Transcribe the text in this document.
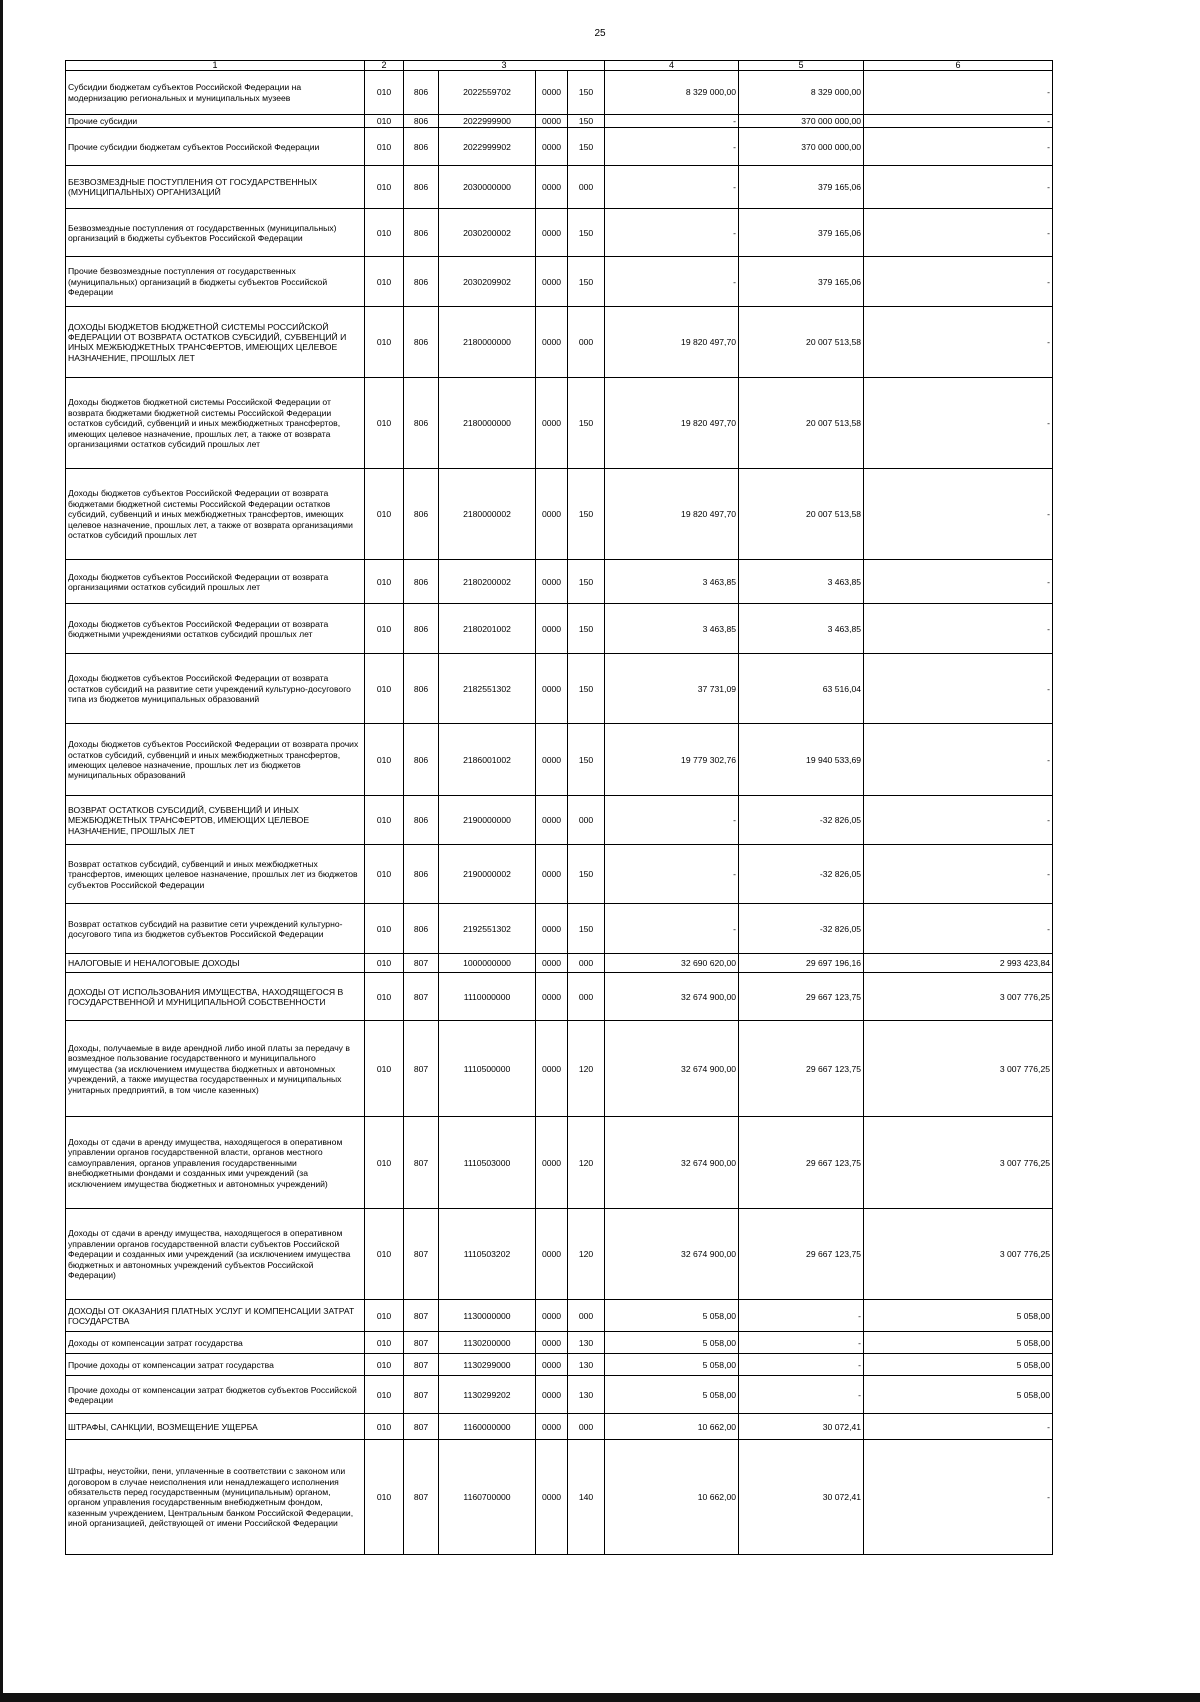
25
1	2	3				4	5	6
Субсидии бюджетам субъектов Российской Федерации на модернизацию региональных и муниципальных музеев	010	806	2022559702	0000	150	8 329 000,00	8 329 000,00	-
Прочие субсидии	010	806	2022999900	0000	150	-	370 000 000,00	-
Прочие субсидии бюджетам субъектов Российской Федерации	010	806	2022999902	0000	150	-	370 000 000,00	-
БЕЗВОЗМЕЗДНЫЕ ПОСТУПЛЕНИЯ ОТ ГОСУДАРСТВЕННЫХ (МУНИЦИПАЛЬНЫХ) ОРГАНИЗАЦИЙ	010	806	2030000000	0000	000	-	379 165,06	-
Безвозмездные поступления от государственных (муниципальных) организаций в бюджеты субъектов Российской Федерации	010	806	2030200002	0000	150	-	379 165,06	-
Прочие безвозмездные поступления от государственных (муниципальных) организаций в бюджеты субъектов Российской Федерации	010	806	2030209902	0000	150	-	379 165,06	-
ДОХОДЫ БЮДЖЕТОВ БЮДЖЕТНОЙ СИСТЕМЫ РОССИЙСКОЙ ФЕДЕРАЦИИ ОТ ВОЗВРАТА ОСТАТКОВ СУБСИДИЙ, СУБВЕНЦИЙ И ИНЫХ МЕЖБЮДЖЕТНЫХ ТРАНСФЕРТОВ, ИМЕЮЩИХ ЦЕЛЕВОЕ НАЗНАЧЕНИЕ, ПРОШЛЫХ ЛЕТ	010	806	2180000000	0000	000	19 820 497,70	20 007 513,58	-
Доходы бюджетов бюджетной системы Российской Федерации от возврата бюджетами бюджетной системы Российской Федерации остатков субсидий, субвенций и иных межбюджетных трансфертов, имеющих целевое назначение, прошлых лет, а также от возврата организациями остатков субсидий прошлых лет	010	806	2180000000	0000	150	19 820 497,70	20 007 513,58	-
Доходы бюджетов субъектов Российской Федерации от возврата бюджетами бюджетной системы Российской Федерации остатков субсидий, субвенций и иных межбюджетных трансфертов, имеющих целевое назначение, прошлых лет, а также от возврата организациями остатков субсидий прошлых лет	010	806	2180000002	0000	150	19 820 497,70	20 007 513,58	-
Доходы бюджетов субъектов Российской Федерации от возврата организациями остатков субсидий прошлых лет	010	806	2180200002	0000	150	3 463,85	3 463,85	-
Доходы бюджетов субъектов Российской Федерации от возврата бюджетными учреждениями остатков субсидий прошлых лет	010	806	2180201002	0000	150	3 463,85	3 463,85	-
Доходы бюджетов субъектов Российской Федерации от возврата остатков субсидий на развитие сети учреждений культурно-досугового типа из бюджетов муниципальных образований	010	806	2182551302	0000	150	37 731,09	63 516,04	-
Доходы бюджетов субъектов Российской Федерации от возврата прочих остатков субсидий, субвенций и иных межбюджетных трансфертов, имеющих целевое назначение, прошлых лет из бюджетов муниципальных образований	010	806	2186001002	0000	150	19 779 302,76	19 940 533,69	-
ВОЗВРАТ ОСТАТКОВ СУБСИДИЙ, СУБВЕНЦИЙ И ИНЫХ МЕЖБЮДЖЕТНЫХ ТРАНСФЕРТОВ, ИМЕЮЩИХ ЦЕЛЕВОЕ НАЗНАЧЕНИЕ, ПРОШЛЫХ ЛЕТ	010	806	2190000000	0000	000	-	-32 826,05	-
Возврат остатков субсидий, субвенций и иных межбюджетных трансфертов, имеющих целевое назначение, прошлых лет из бюджетов субъектов Российской Федерации	010	806	2190000002	0000	150	-	-32 826,05	-
Возврат остатков субсидий на развитие сети учреждений культурно-досугового типа из бюджетов субъектов Российской Федерации	010	806	2192551302	0000	150	-	-32 826,05	-
НАЛОГОВЫЕ И НЕНАЛОГОВЫЕ ДОХОДЫ	010	807	1000000000	0000	000	32 690 620,00	29 697 196,16	2 993 423,84
ДОХОДЫ ОТ ИСПОЛЬЗОВАНИЯ ИМУЩЕСТВА, НАХОДЯЩЕГОСЯ В ГОСУДАРСТВЕННОЙ И МУНИЦИПАЛЬНОЙ СОБСТВЕННОСТИ	010	807	1110000000	0000	000	32 674 900,00	29 667 123,75	3 007 776,25
Доходы, получаемые в виде арендной либо иной платы за передачу в возмездное пользование государственного и муниципального имущества (за исключением имущества бюджетных и автономных учреждений, а также имущества государственных и муниципальных унитарных предприятий, в том числе казенных)	010	807	1110500000	0000	120	32 674 900,00	29 667 123,75	3 007 776,25
Доходы от сдачи в аренду имущества, находящегося в оперативном управлении органов государственной власти, органов местного самоуправления, органов управления государственными внебюджетными фондами и созданных ими учреждений (за исключением имущества бюджетных и автономных учреждений)	010	807	1110503000	0000	120	32 674 900,00	29 667 123,75	3 007 776,25
Доходы от сдачи в аренду имущества, находящегося в оперативном управлении органов государственной власти субъектов Российской Федерации и созданных ими учреждений (за исключением имущества бюджетных и автономных учреждений субъектов Российской Федерации)	010	807	1110503202	0000	120	32 674 900,00	29 667 123,75	3 007 776,25
ДОХОДЫ ОТ ОКАЗАНИЯ ПЛАТНЫХ УСЛУГ И КОМПЕНСАЦИИ ЗАТРАТ ГОСУДАРСТВА	010	807	1130000000	0000	000	5 058,00	-	5 058,00
Доходы от компенсации затрат государства	010	807	1130200000	0000	130	5 058,00	-	5 058,00
Прочие доходы от компенсации затрат государства	010	807	1130299000	0000	130	5 058,00	-	5 058,00
Прочие доходы от компенсации затрат бюджетов субъектов Российской Федерации	010	807	1130299202	0000	130	5 058,00	-	5 058,00
ШТРАФЫ, САНКЦИИ, ВОЗМЕЩЕНИЕ УЩЕРБА	010	807	1160000000	0000	000	10 662,00	30 072,41	-
Штрафы, неустойки, пени, уплаченные в соответствии с законом или договором в случае неисполнения или ненадлежащего исполнения обязательств перед государственным (муниципальным) органом, органом управления государственным внебюджетным фондом, казенным учреждением, Центральным банком Российской Федерации, иной организацией, действующей от имени Российской Федерации	010	807	1160700000	0000	140	10 662,00	30 072,41	-
